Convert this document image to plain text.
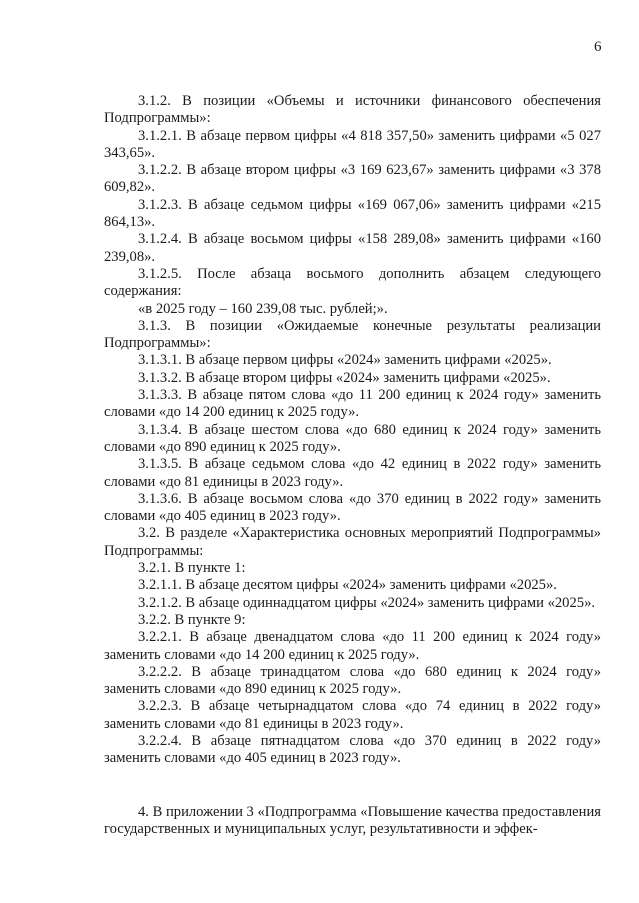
6

3.1.2. В позиции «Объемы и источники финансового обеспечения Подпрограммы»:

3.1.2.1. В абзаце первом цифры «4 818 357,50» заменить цифрами «5 027 343,65».

3.1.2.2. В абзаце втором цифры «3 169 623,67» заменить цифрами «3 378 609,82».

3.1.2.3. В абзаце седьмом цифры «169 067,06» заменить цифрами «215 864,13».

3.1.2.4. В абзаце восьмом цифры «158 289,08» заменить цифрами «160 239,08».

3.1.2.5. После абзаца восьмого дополнить абзацем следующего содержания:

«в 2025 году – 160 239,08 тыс. рублей;».

3.1.3. В позиции «Ожидаемые конечные результаты реализации Подпрограммы»:

3.1.3.1. В абзаце первом цифры «2024» заменить цифрами «2025».

3.1.3.2. В абзаце втором цифры «2024» заменить цифрами «2025».

3.1.3.3. В абзаце пятом слова «до 11 200 единиц к 2024 году» заменить словами «до 14 200 единиц к 2025 году».

3.1.3.4. В абзаце шестом слова «до 680 единиц к 2024 году» заменить словами «до 890 единиц к 2025 году».

3.1.3.5. В абзаце седьмом слова «до 42 единиц в 2022 году» заменить словами «до 81 единицы в 2023 году».

3.1.3.6. В абзаце восьмом слова «до 370 единиц в 2022 году» заменить словами «до 405 единиц в 2023 году».

3.2. В разделе «Характеристика основных мероприятий Подпрограммы» Подпрограммы:

3.2.1. В пункте 1:

3.2.1.1. В абзаце десятом цифры «2024» заменить цифрами «2025».

3.2.1.2. В абзаце одиннадцатом цифры «2024» заменить цифрами «2025».

3.2.2. В пункте 9:

3.2.2.1. В абзаце двенадцатом слова «до 11 200 единиц к 2024 году» заменить словами «до 14 200 единиц к 2025 году».

3.2.2.2. В абзаце тринадцатом слова «до 680 единиц к 2024 году» заменить словами «до 890 единиц к 2025 году».

3.2.2.3. В абзаце четырнадцатом слова «до 74 единиц в 2022 году» заменить словами «до 81 единицы в 2023 году».

3.2.2.4. В абзаце пятнадцатом слова «до 370 единиц в 2022 году» заменить словами «до 405 единиц в 2023 году».

4. В приложении 3 «Подпрограмма «Повышение качества предоставления государственных и муниципальных услуг, результативности и эффек-
